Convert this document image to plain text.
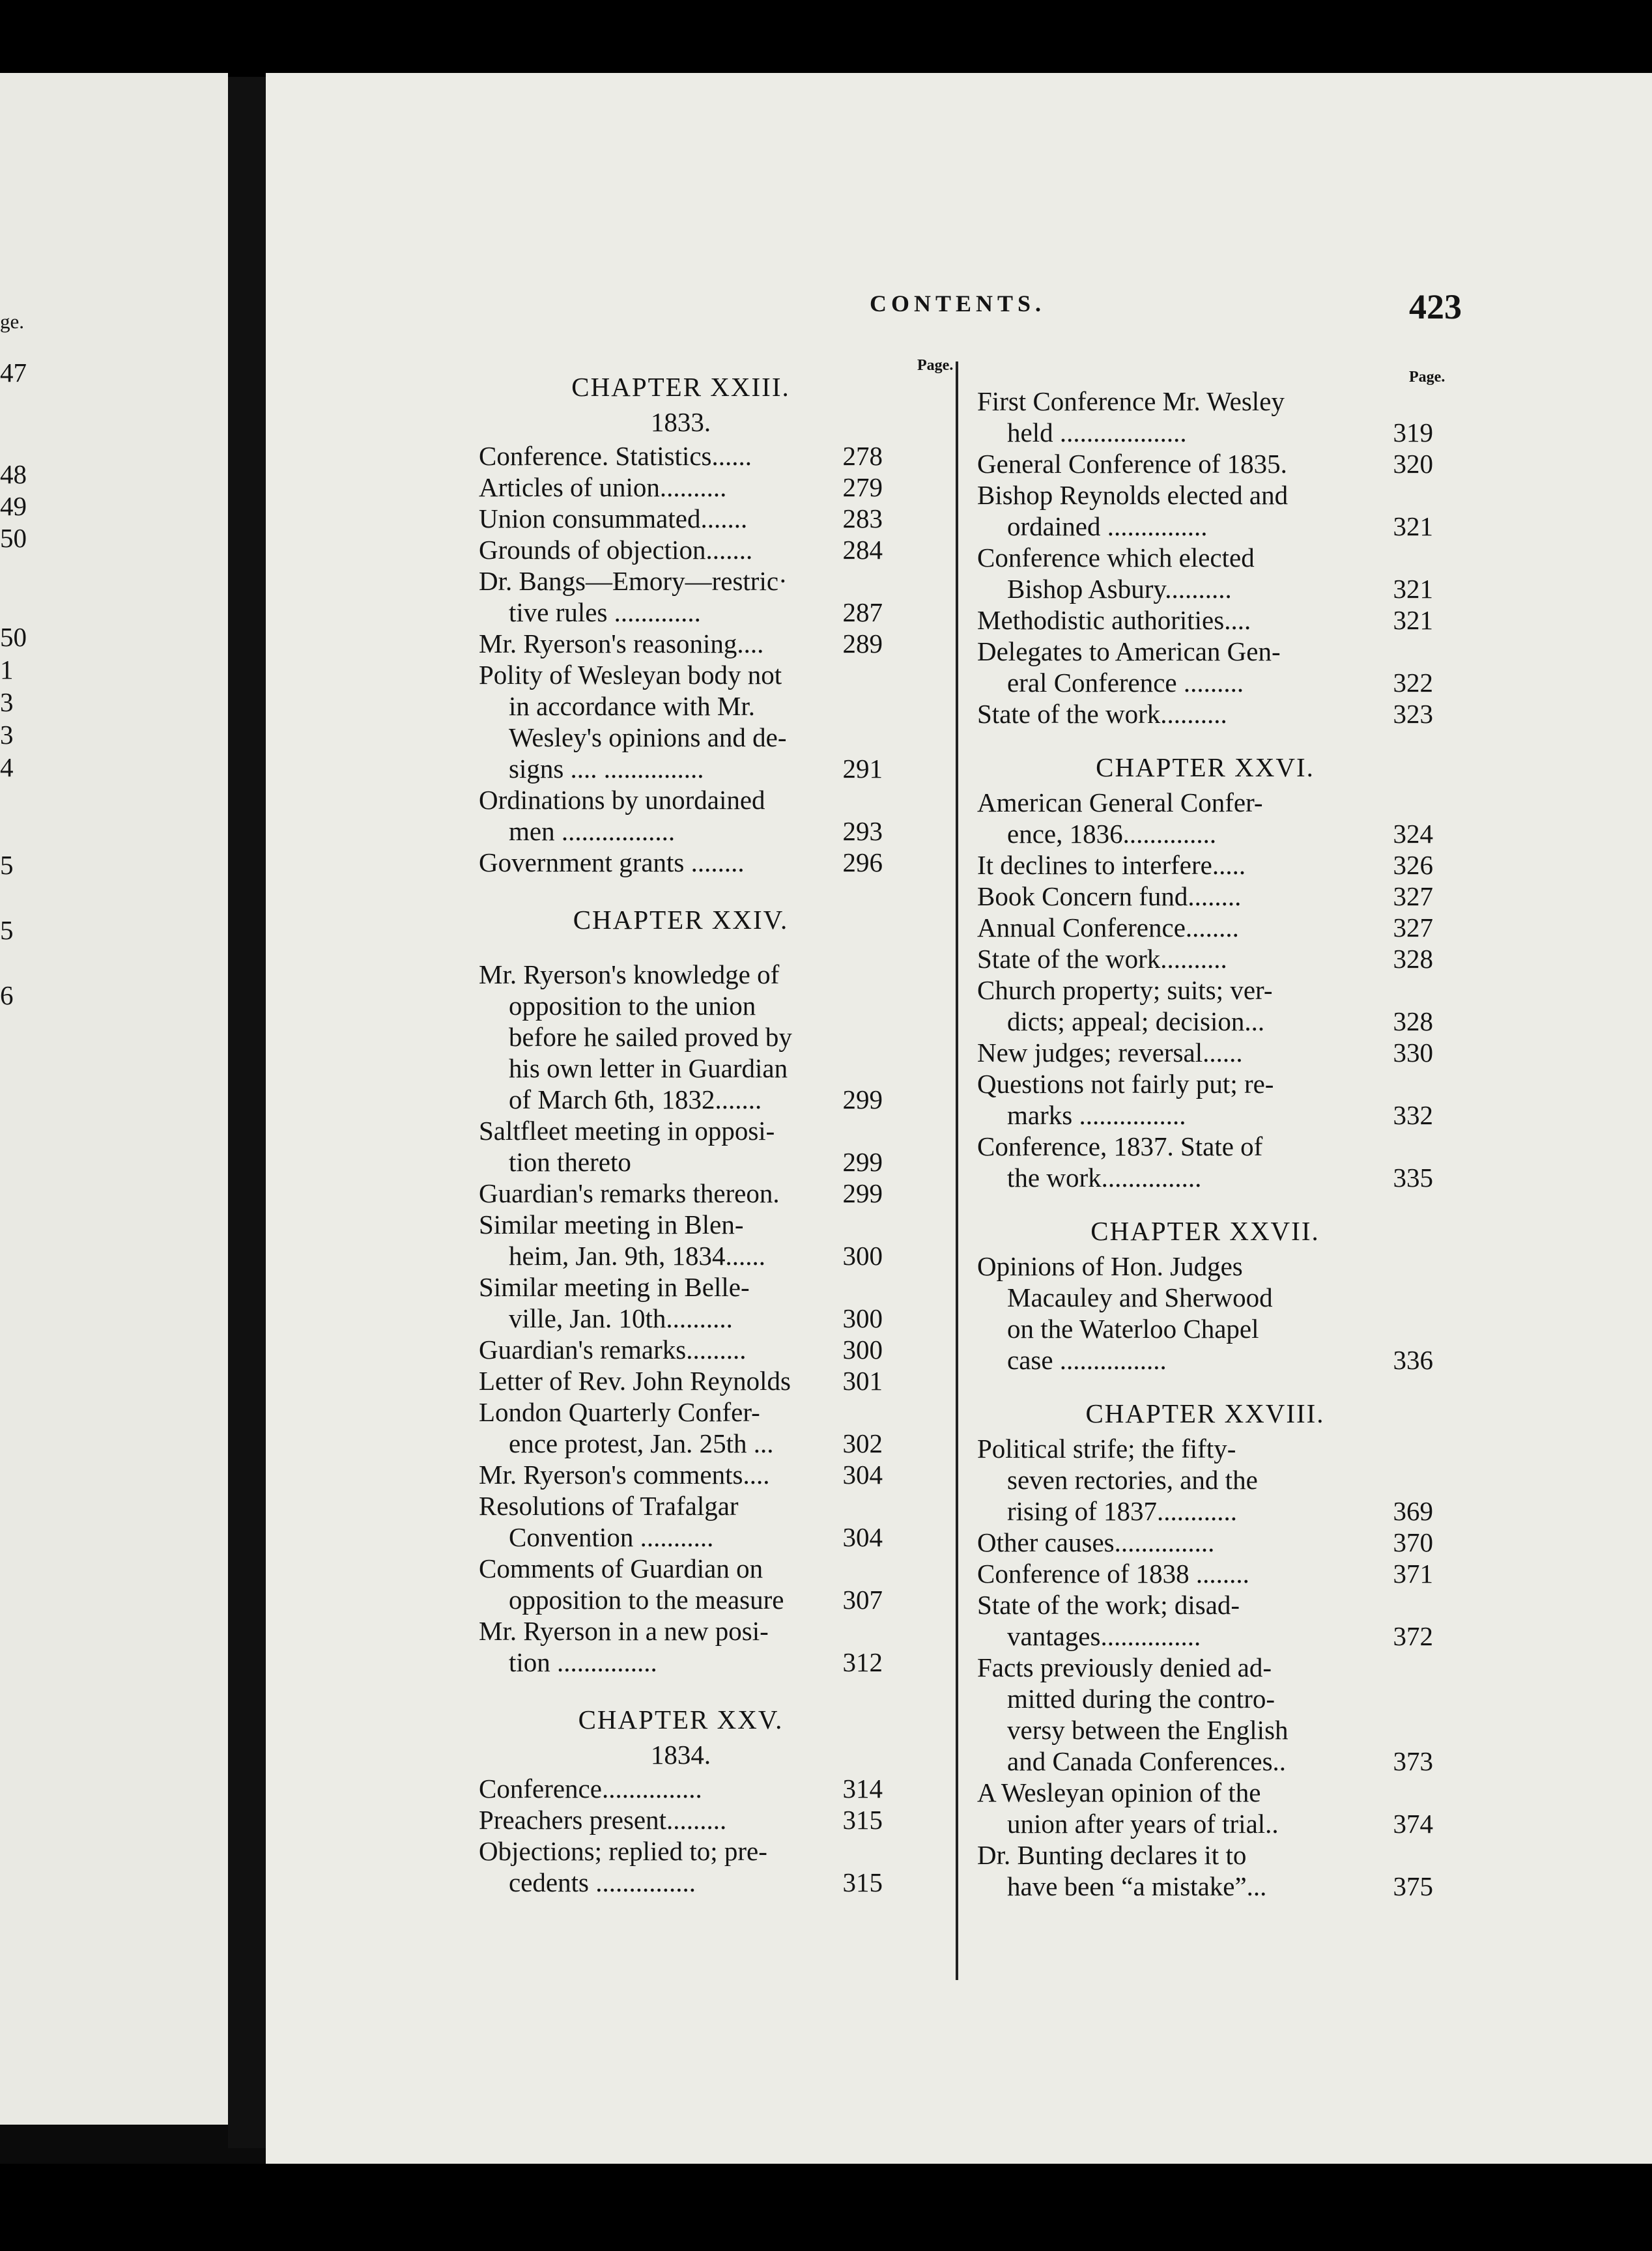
ge.
47
48
49
50
50
1
3
3
4
5
5
6
CONTENTS.	423
Page.
Page.
CHAPTER XXIII.
1833.
Conference. Statistics......	278
Articles of union..........	279
Union consummated.......	283
Grounds of objection.......	284
Dr. Bangs—Emory—restric·
tive rules .............	287
Mr. Ryerson's reasoning....	289
Polity of Wesleyan body not
in accordance with Mr.
Wesley's opinions and de-
signs .... ...............	291
Ordinations by unordained
men .................	293
Government grants ........	296
CHAPTER XXIV.
Mr. Ryerson's knowledge of
opposition to the union
before he sailed proved by
his own letter in Guardian
of March 6th, 1832.......	299
Saltfleet meeting in opposi-
tion thereto	299
Guardian's remarks thereon.	299
Similar meeting in Blen-
heim, Jan. 9th, 1834......	300
Similar meeting in Belle-
ville, Jan. 10th..........	300
Guardian's remarks.........	300
Letter of Rev. John Reynolds	301
London Quarterly Confer-
ence protest, Jan. 25th ...	302
Mr. Ryerson's comments....	304
Resolutions of Trafalgar
Convention ...........	304
Comments of Guardian on
opposition to the measure	307
Mr. Ryerson in a new posi-
tion ...............	312
CHAPTER XXV.
1834.
Conference...............	314
Preachers present.........	315
Objections; replied to; pre-
cedents ...............	315
First Conference Mr. Wesley
held ...................	319
General Conference of 1835.	320
Bishop Reynolds elected and
ordained ...............	321
Conference which elected
Bishop Asbury..........	321
Methodistic authorities....	321
Delegates to American Gen-
eral Conference .........	322
State of the work..........	323
CHAPTER XXVI.
American General Confer-
ence, 1836..............	324
It declines to interfere.....	326
Book Concern fund........	327
Annual Conference........	327
State of the work..........	328
Church property; suits; ver-
dicts; appeal; decision...	328
New judges; reversal......	330
Questions not fairly put; re-
marks ................	332
Conference, 1837. State of
the work...............	335
CHAPTER XXVII.
Opinions of Hon. Judges
Macauley and Sherwood
on the Waterloo Chapel
case ................	336
CHAPTER XXVIII.
Political strife; the fifty-
seven rectories, and the
rising of 1837............	369
Other causes...............	370
Conference of 1838 ........	371
State of the work; disad-
vantages...............	372
Facts previously denied ad-
mitted during the contro-
versy between the English
and Canada Conferences..	373
A Wesleyan opinion of the
union after years of trial..	374
Dr. Bunting declares it to
have been “a mistake”...	375
